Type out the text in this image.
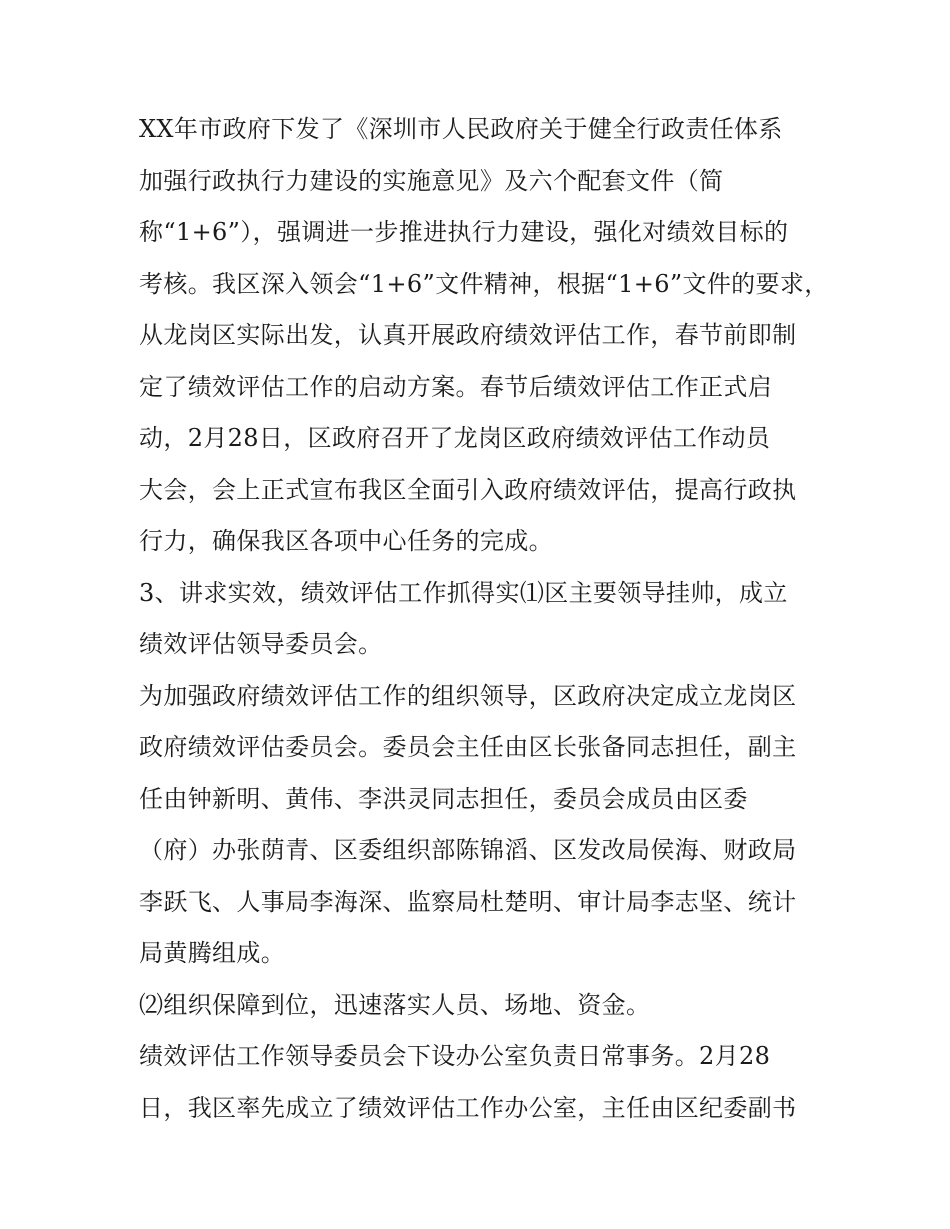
XX年市政府下发了《深圳市人民政府关于健全行政责任体系
加强行政执行力建设的实施意见》及六个配套文件（简
称“1+6”），强调进一步推进执行力建设，强化对绩效目标的
考核。我区深入领会“1+6”文件精神，根据“1+6”文件的要求，
从龙岗区实际出发，认真开展政府绩效评估工作，春节前即制
定了绩效评估工作的启动方案。春节后绩效评估工作正式启
动，2月28日，区政府召开了龙岗区政府绩效评估工作动员
大会，会上正式宣布我区全面引入政府绩效评估，提高行政执
行力，确保我区各项中心任务的完成。
3、讲求实效，绩效评估工作抓得实⑴区主要领导挂帅，成立
绩效评估领导委员会。
为加强政府绩效评估工作的组织领导，区政府决定成立龙岗区
政府绩效评估委员会。委员会主任由区长张备同志担任，副主
任由钟新明、黄伟、李洪灵同志担任，委员会成员由区委
（府）办张荫青、区委组织部陈锦滔、区发改局侯海、财政局
李跃飞、人事局李海深、监察局杜楚明、审计局李志坚、统计
局黄腾组成。
⑵组织保障到位，迅速落实人员、场地、资金。
绩效评估工作领导委员会下设办公室负责日常事务。2月28
日，我区率先成立了绩效评估工作办公室，主任由区纪委副书
